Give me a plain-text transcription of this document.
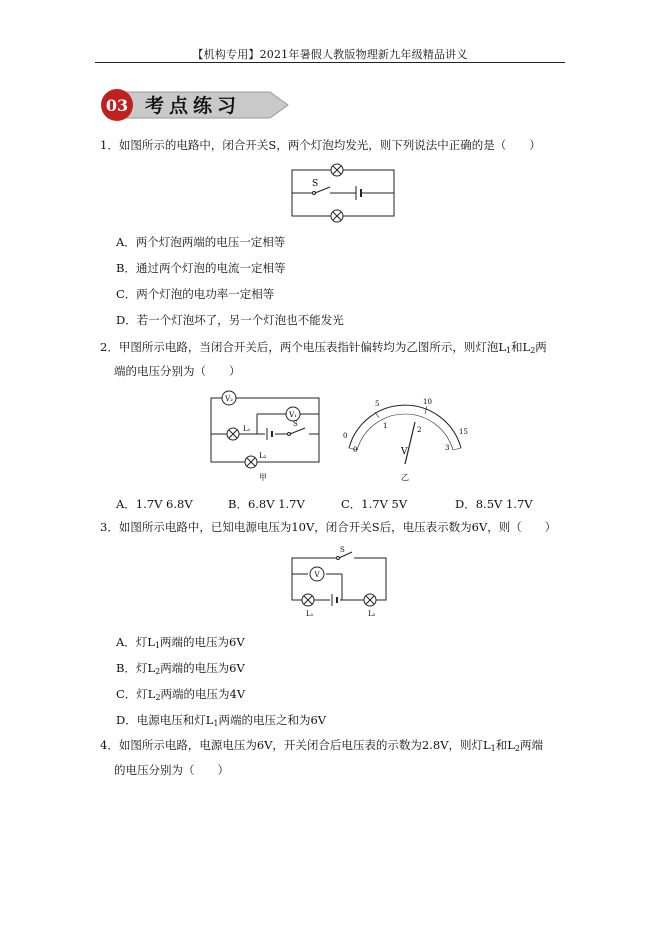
【机构专用】2021年暑假人教版物理新九年级精品讲义
03 考点练习
1．如图所示的电路中，闭合开关S，两个灯泡均发光，则下列说法中正确的是（　　）
S
A．两个灯泡两端的电压一定相等
B．通过两个灯泡的电流一定相等
C．两个灯泡的电功率一定相等
D．若一个灯泡坏了，另一个灯泡也不能发光
2．甲图所示电路，当闭合开关后，两个电压表指针偏转均为乙图所示，则灯泡$L_1$和$L_2$两
端的电压分别为（　　）
V₂
V₁
L₁
S
L₂
甲
0
5	10
15
0
1	2
3
V
乙
A．1.7V 6.8V	B．6.8V 1.7V	C．1.7V 5V	D．8.5V 1.7V
3．如图所示电路中，已知电源电压为10V，闭合开关S后，电压表示数为6V，则（　　）
S
V
L₁	L₂
A．灯$L_1$两端的电压为6V
B．灯$L_2$两端的电压为6V
C．灯$L_2$两端的电压为4V
D．电源电压和灯$L_1$两端的电压之和为6V
4．如图所示电路，电源电压为6V，开关闭合后电压表的示数为2.8V，则灯$L_1$和$L_2$两端
的电压分别为（　　）
